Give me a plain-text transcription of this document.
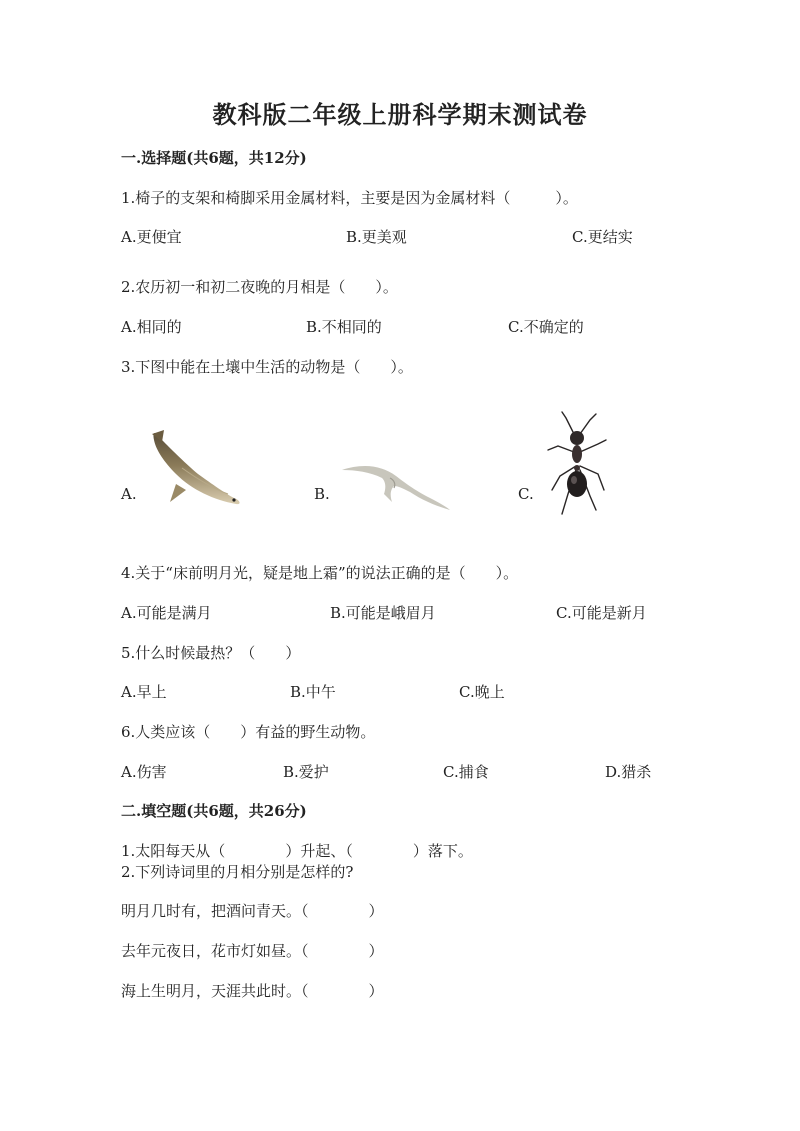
教科版二年级上册科学期末测试卷
一.选择题(共6题，共12分)
1.椅子的支架和椅脚采用金属材料，主要是因为金属材料（　　　）。
A.更便宜	B.更美观	C.更结实
2.农历初一和初二夜晚的月相是（　　）。
A.相同的	B.不相同的	C.不确定的
3.下图中能在土壤中生活的动物是（　　）。
A.	B.	C.
4.关于“床前明月光，疑是地上霜”的说法正确的是（　　）。
A.可能是满月	B.可能是峨眉月	C.可能是新月
5.什么时候最热？（　　）
A.早上	B.中午	C.晚上
6.人类应该（　　）有益的野生动物。
A.伤害	B.爱护	C.捕食	D.猎杀
二.填空题(共6题，共26分)
1.太阳每天从（　　　　）升起、（　　　　）落下。
2.下列诗词里的月相分别是怎样的?
明月几时有，把酒问青天。（　　　　）
去年元夜日，花市灯如昼。（　　　　）
海上生明月，天涯共此时。（　　　　）
